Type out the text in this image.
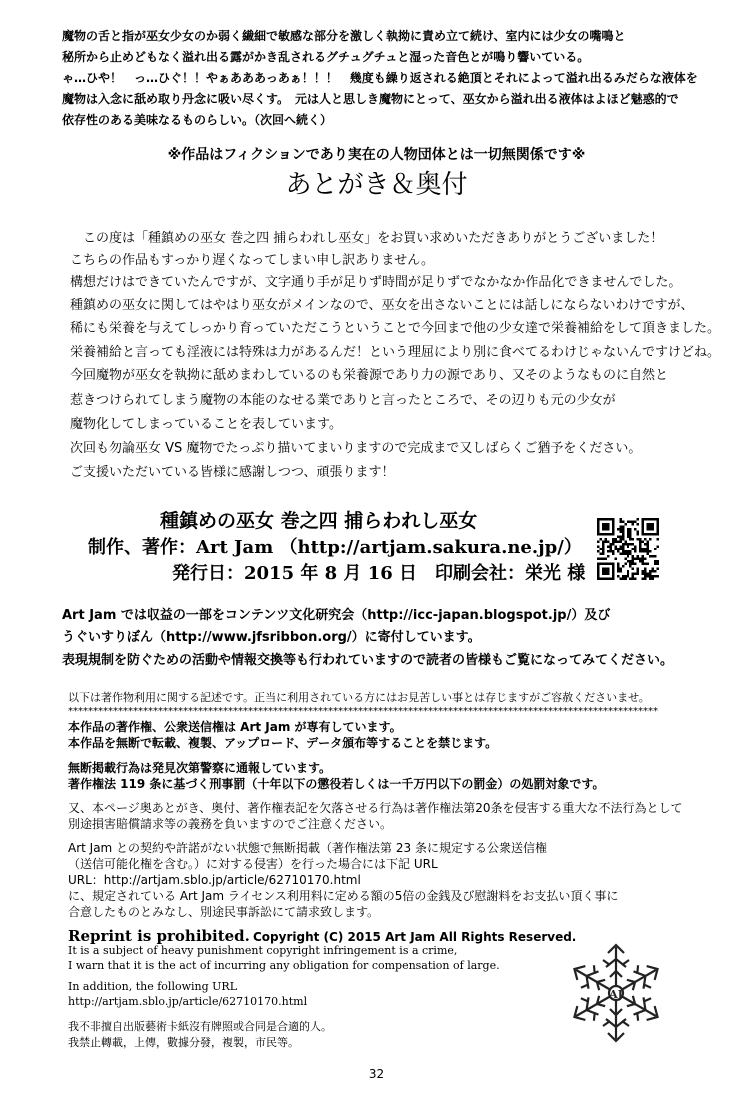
魔物の舌と指が巫女少女のか弱く繊細で敏感な部分を激しく執拗に責め立て続け、室内には少女の嘴鳴と
秘所から止めどもなく溢れ出る露がかき乱されるグチュグチュと湿った音色とが鳴り響いている。
ゃ…ひや！　っ…ひぐ！！やぁあああっあぁ！！！　幾度も繰り返される絶頂とそれによって溢れ出るみだらな液体を
魔物は入念に舐め取り丹念に吸い尽くす。　元は人と思しき魔物にとって、巫女から溢れ出る液体はよほど魅惑的で
依存性のある美味なるものらしい。（次回へ続く）
※作品はフィクションであり実在の人物団体とは一切無関係です※
あとがき＆奥付
　この度は「種鎮めの巫女 巻之四 捕らわれし巫女」をお買い求めいただきありがとうございました！
こちらの作品もすっかり遅くなってしまい申し訳ありません。
構想だけはできていたんですが、文字通り手が足りず時間が足りずでなかなか作品化できませんでした。
種鎮めの巫女に関してはやはり巫女がメインなので、巫女を出さないことには話しにならないわけですが、
稀にも栄養を与えてしっかり育っていただこうということで今回まで他の少女達で栄養補給をして頂きました。
栄養補給と言っても淫液には特殊は力があるんだ！という理屈により別に食べてるわけじゃないんですけどね。
今回魔物が巫女を執拗に舐めまわしているのも栄養源であり力の源であり、又そのようなものに自然と
惹きつけられてしまう魔物の本能のなせる業でありと言ったところで、その辺りも元の少女が
魔物化してしまっていることを表しています。
次回も勿論巫女 VS 魔物でたっぷり描いてまいりますので完成まで又しばらくご猶予をください。
ご支援いただいている皆様に感謝しつつ、頑張ります！
種鎮めの巫女 巻之四 捕らわれし巫女
制作、著作：Art Jam （http://artjam.sakura.ne.jp/）
発行日：2015 年 8 月 16 日　印刷会社：栄光 様
Art Jam では収益の一部をコンテンツ文化研究会（http://icc-japan.blogspot.jp/）及び
うぐいすりぼん（http://www.jfsribbon.org/）に寄付しています。
表現規制を防ぐための活動や情報交換等も行われていますので読者の皆様もご覧になってみてください。
以下は著作物利用に関する記述です。正当に利用されている方にはお見苦しい事とは存じますがご容赦くださいませ。
**********************************************************************************************************************
本作品の著作権、公衆送信権は Art Jam が専有しています。
本作品を無断で転載、複製、アップロード、データ頒布等することを禁じます。
無断掲載行為は発見次第警察に通報しています。
著作権法 119 条に基づく刑事罰（十年以下の懲役若しくは一千万円以下の罰金）の処罰対象です。
又、本ページ奥あとがき、奥付、著作権表記を欠落させる行為は著作権法第20条を侵害する重大な不法行為として
別途損害賠償請求等の義務を負いますのでご注意ください。
Art Jam との契約や許諾がない状態で無断掲載（著作権法第 23 条に規定する公衆送信権
（送信可能化権を含む。）に対する侵害）を行った場合には下記 URL
URL：http://artjam.sblo.jp/article/62710170.html
に、規定されている Art Jam ライセンス利用料に定める額の5倍の金銭及び慰謝料をお支払い頂く事に
合意したものとみなし、別途民事訴訟にて請求致します。
Reprint is prohibited. Copyright (C) 2015 Art Jam All Rights Reserved.
It is a subject of heavy punishment copyright infringement is a crime,
I warn that it is the act of incurring any obligation for compensation of large.
In addition, the following URL
http://artjam.sblo.jp/article/62710170.html
我不非擅自出版藝術卡紙沒有牌照或合同是合適的人。
我禁止轉載，上傳，數據分發，複製，市民等。
AJ
32
